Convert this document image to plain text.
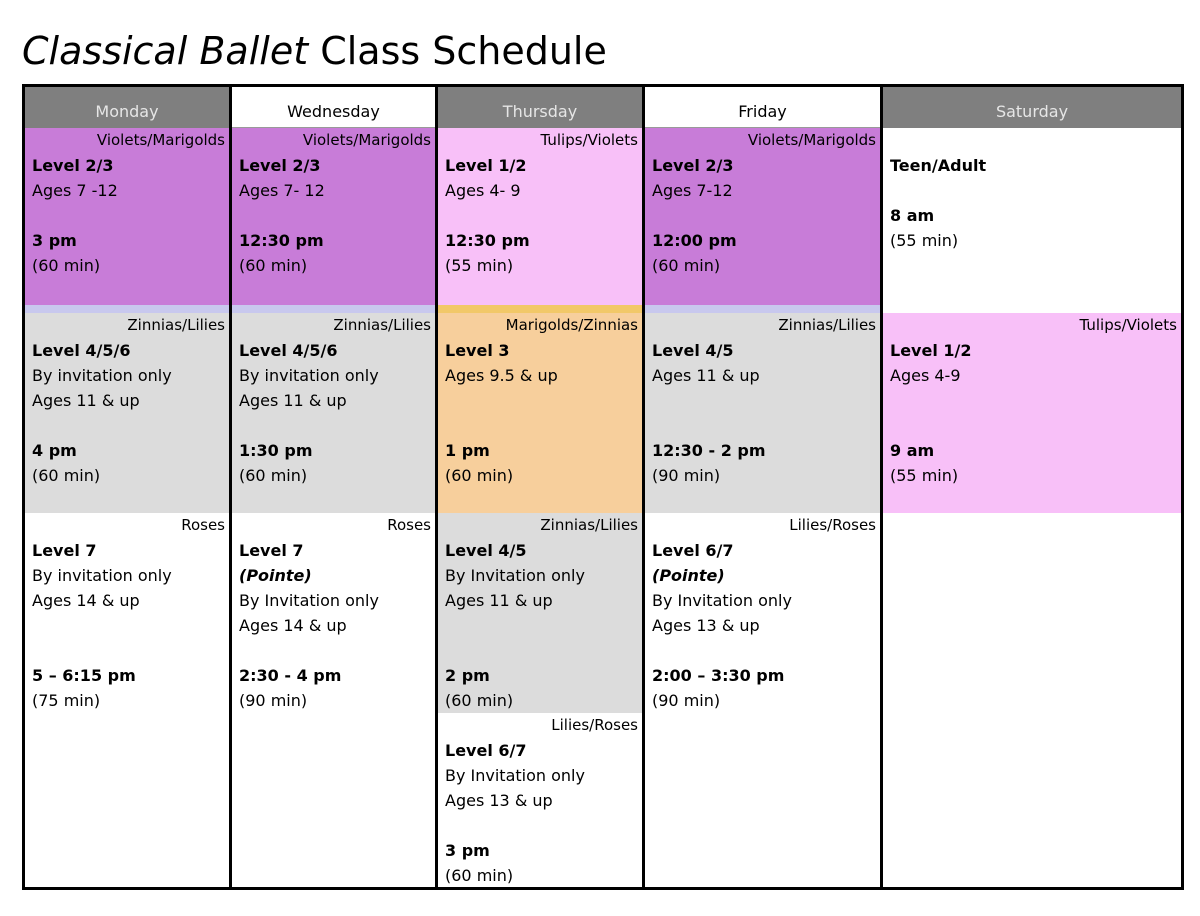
Classical Ballet Class Schedule
Monday
Violets/Marigolds
Level 2/3
Ages 7 -12
3 pm
(60 min)
Zinnias/Lilies
Level 4/5/6
By invitation only
Ages 11 & up
4 pm
(60 min)
Roses
Level 7
By invitation only
Ages 14 & up
5 – 6:15 pm
(75 min)
Wednesday
Violets/Marigolds
Level 2/3
Ages 7- 12
12:30 pm
(60 min)
Zinnias/Lilies
Level 4/5/6
By invitation only
Ages 11 & up
1:30 pm
(60 min)
Roses
Level 7
(Pointe)
By Invitation only
Ages 14 & up
2:30 - 4 pm
(90 min)
Thursday
Tulips/Violets
Level 1/2
Ages 4- 9
12:30 pm
(55 min)
Marigolds/Zinnias
Level 3
Ages 9.5 & up
1 pm
(60 min)
Zinnias/Lilies
Level 4/5
By Invitation only
Ages 11 & up
2 pm
(60 min)
Lilies/Roses
Level 6/7
By Invitation only
Ages 13 & up
3 pm
(60 min)
Friday
Violets/Marigolds
Level 2/3
Ages 7-12
12:00 pm
(60 min)
Zinnias/Lilies
Level 4/5
Ages 11 & up
12:30 - 2 pm
(90 min)
Lilies/Roses
Level 6/7
(Pointe)
By Invitation only
Ages 13 & up
2:00 – 3:30 pm
(90 min)
Saturday
Teen/Adult
8 am
(55 min)
Tulips/Violets
Level 1/2
Ages 4-9
9 am
(55 min)
